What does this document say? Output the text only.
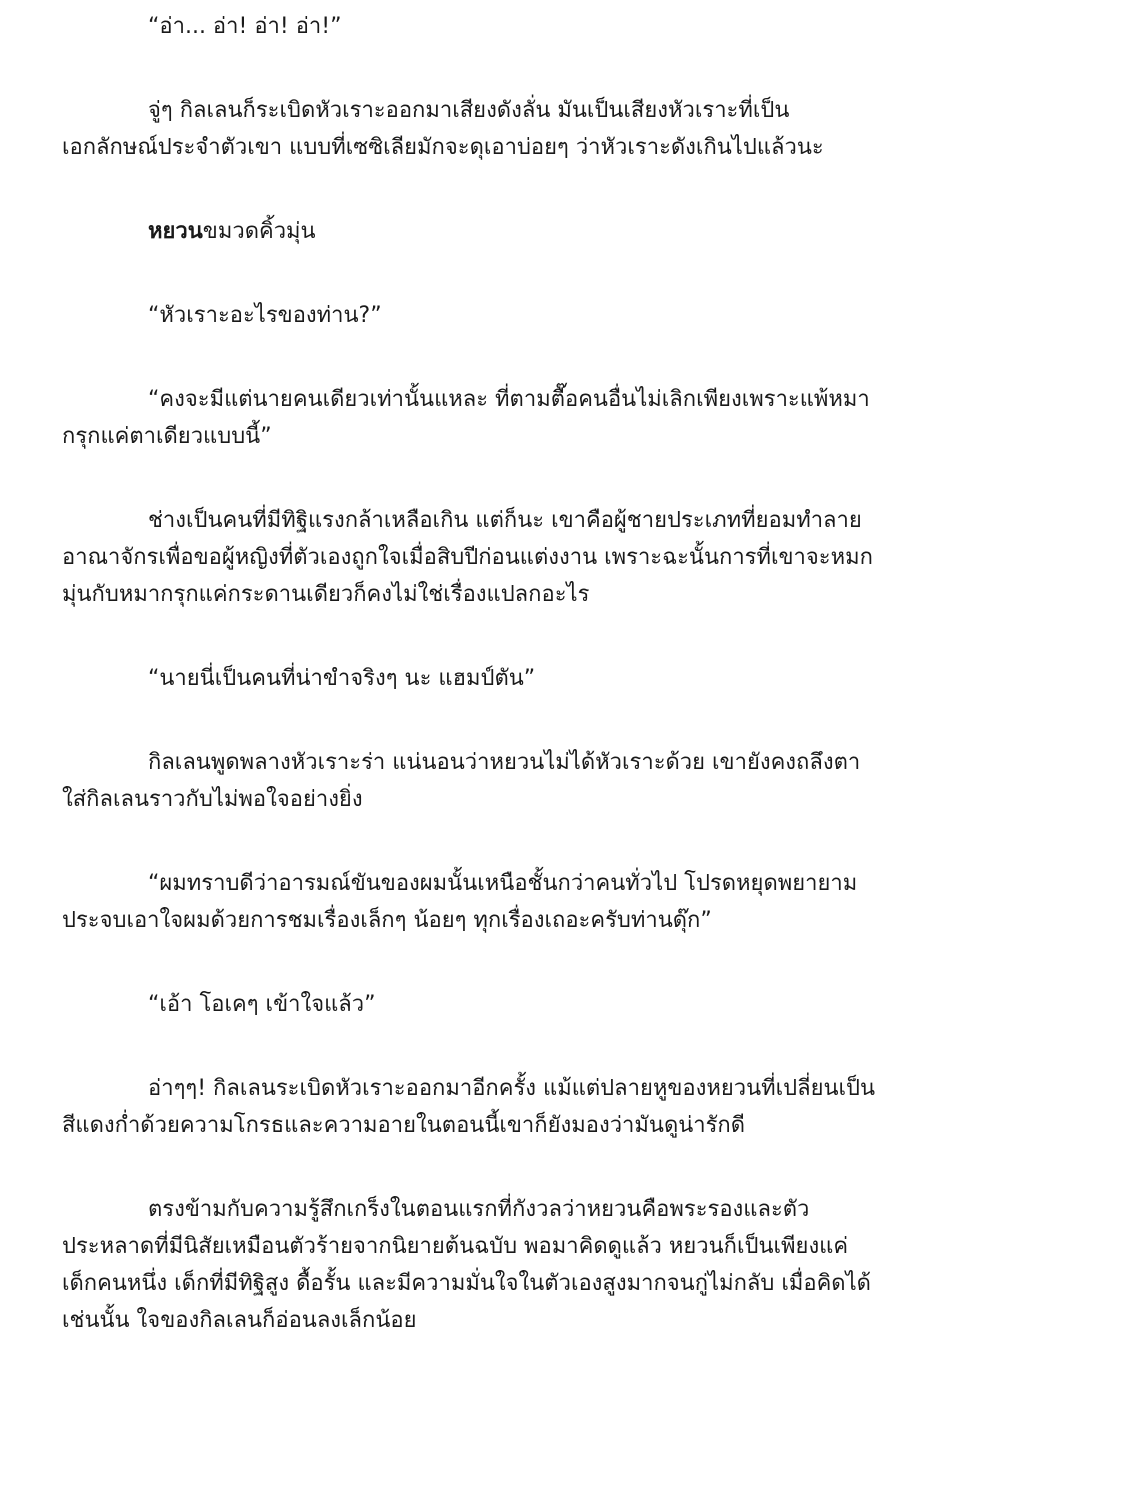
“อ่า... อ่า! อ่า! อ่า!”

จู่ๆ กิลเลนก็ระเบิดหัวเราะออกมาเสียงดังลั่น มันเป็นเสียงหัวเราะที่เป็น
เอกลักษณ์ประจำตัวเขา แบบที่เซซิเลียมักจะดุเอาบ่อยๆ ว่าหัวเราะดังเกินไปแล้วนะ

หยวนขมวดคิ้วมุ่น

“หัวเราะอะไรของท่าน?”

“คงจะมีแต่นายคนเดียวเท่านั้นแหละ ที่ตามตื๊อคนอื่นไม่เลิกเพียงเพราะแพ้หมา
กรุกแค่ตาเดียวแบบนี้”

ช่างเป็นคนที่มีทิฐิแรงกล้าเหลือเกิน แต่ก็นะ เขาคือผู้ชายประเภทที่ยอมทำลาย
อาณาจักรเพื่อขอผู้หญิงที่ตัวเองถูกใจเมื่อสิบปีก่อนแต่งงาน เพราะฉะนั้นการที่เขาจะหมก
มุ่นกับหมากรุกแค่กระดานเดียวก็คงไม่ใช่เรื่องแปลกอะไร

“นายนี่เป็นคนที่น่าขำจริงๆ นะ แฮมป์ตัน”

กิลเลนพูดพลางหัวเราะร่า แน่นอนว่าหยวนไม่ได้หัวเราะด้วย เขายังคงถลึงตา
ใส่กิลเลนราวกับไม่พอใจอย่างยิ่ง

“ผมทราบดีว่าอารมณ์ขันของผมนั้นเหนือชั้นกว่าคนทั่วไป โปรดหยุดพยายาม
ประจบเอาใจผมด้วยการชมเรื่องเล็กๆ น้อยๆ ทุกเรื่องเถอะครับท่านดุ๊ก”

“เอ้า โอเคๆ เข้าใจแล้ว”

อ่าๆๆ! กิลเลนระเบิดหัวเราะออกมาอีกครั้ง แม้แต่ปลายหูของหยวนที่เปลี่ยนเป็น
สีแดงก่ำด้วยความโกรธและความอายในตอนนี้เขาก็ยังมองว่ามันดูน่ารักดี

ตรงข้ามกับความรู้สึกเกร็งในตอนแรกที่กังวลว่าหยวนคือพระรองและตัว
ประหลาดที่มีนิสัยเหมือนตัวร้ายจากนิยายต้นฉบับ พอมาคิดดูแล้ว หยวนก็เป็นเพียงแค่
เด็กคนหนึ่ง เด็กที่มีทิฐิสูง ดื้อรั้น และมีความมั่นใจในตัวเองสูงมากจนกู่ไม่กลับ เมื่อคิดได้
เช่นนั้น ใจของกิลเลนก็อ่อนลงเล็กน้อย
